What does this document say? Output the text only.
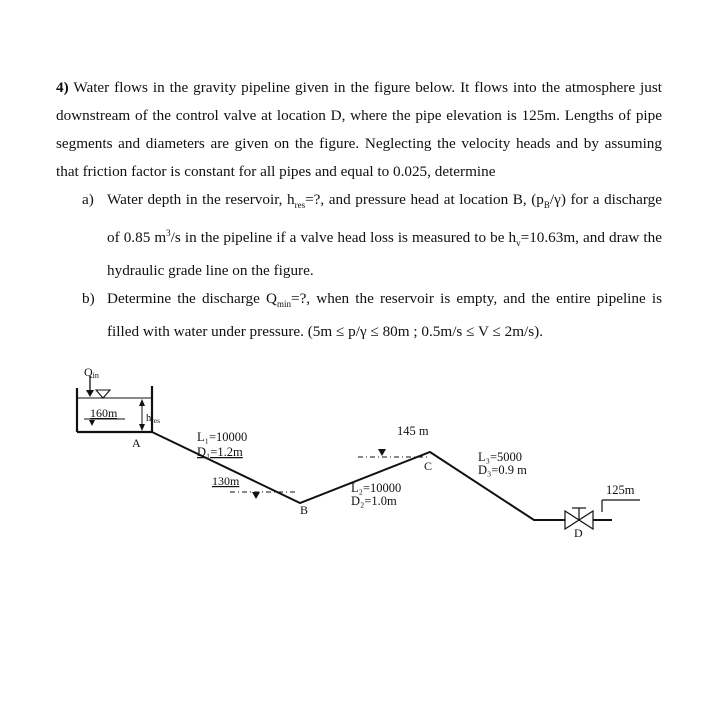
4) Water flows in the gravity pipeline given in the figure below. It flows into the atmosphere just downstream of the control valve at location D, where the pipe elevation is 125m. Lengths of pipe segments and diameters are given on the figure. Neglecting the velocity heads and by assuming that friction factor is constant for all pipes and equal to 0.025, determine

a) Water depth in the reservoir, $h_{res}=$?, and pressure head at location B, $(p_B/\gamma)$ for a discharge of 0.85 $m^3/s$ in the pipeline if a valve head loss is measured to be $h_v=10.63m$, and draw the hydraulic grade line on the figure.

b) Determine the discharge $Q_{min}=$?, when the reservoir is empty, and the entire pipeline is filled with water under pressure. (5m ≤ p/γ ≤ 80m ; 0.5m/s ≤ V ≤ 2m/s).

Qin
160m	hres
A	L₁=10000
D₁=1.2m
130m
B
145 m
C
L₂=10000
D₂=1.0m
L₃=5000
D₃=0.9 m
D
125m
